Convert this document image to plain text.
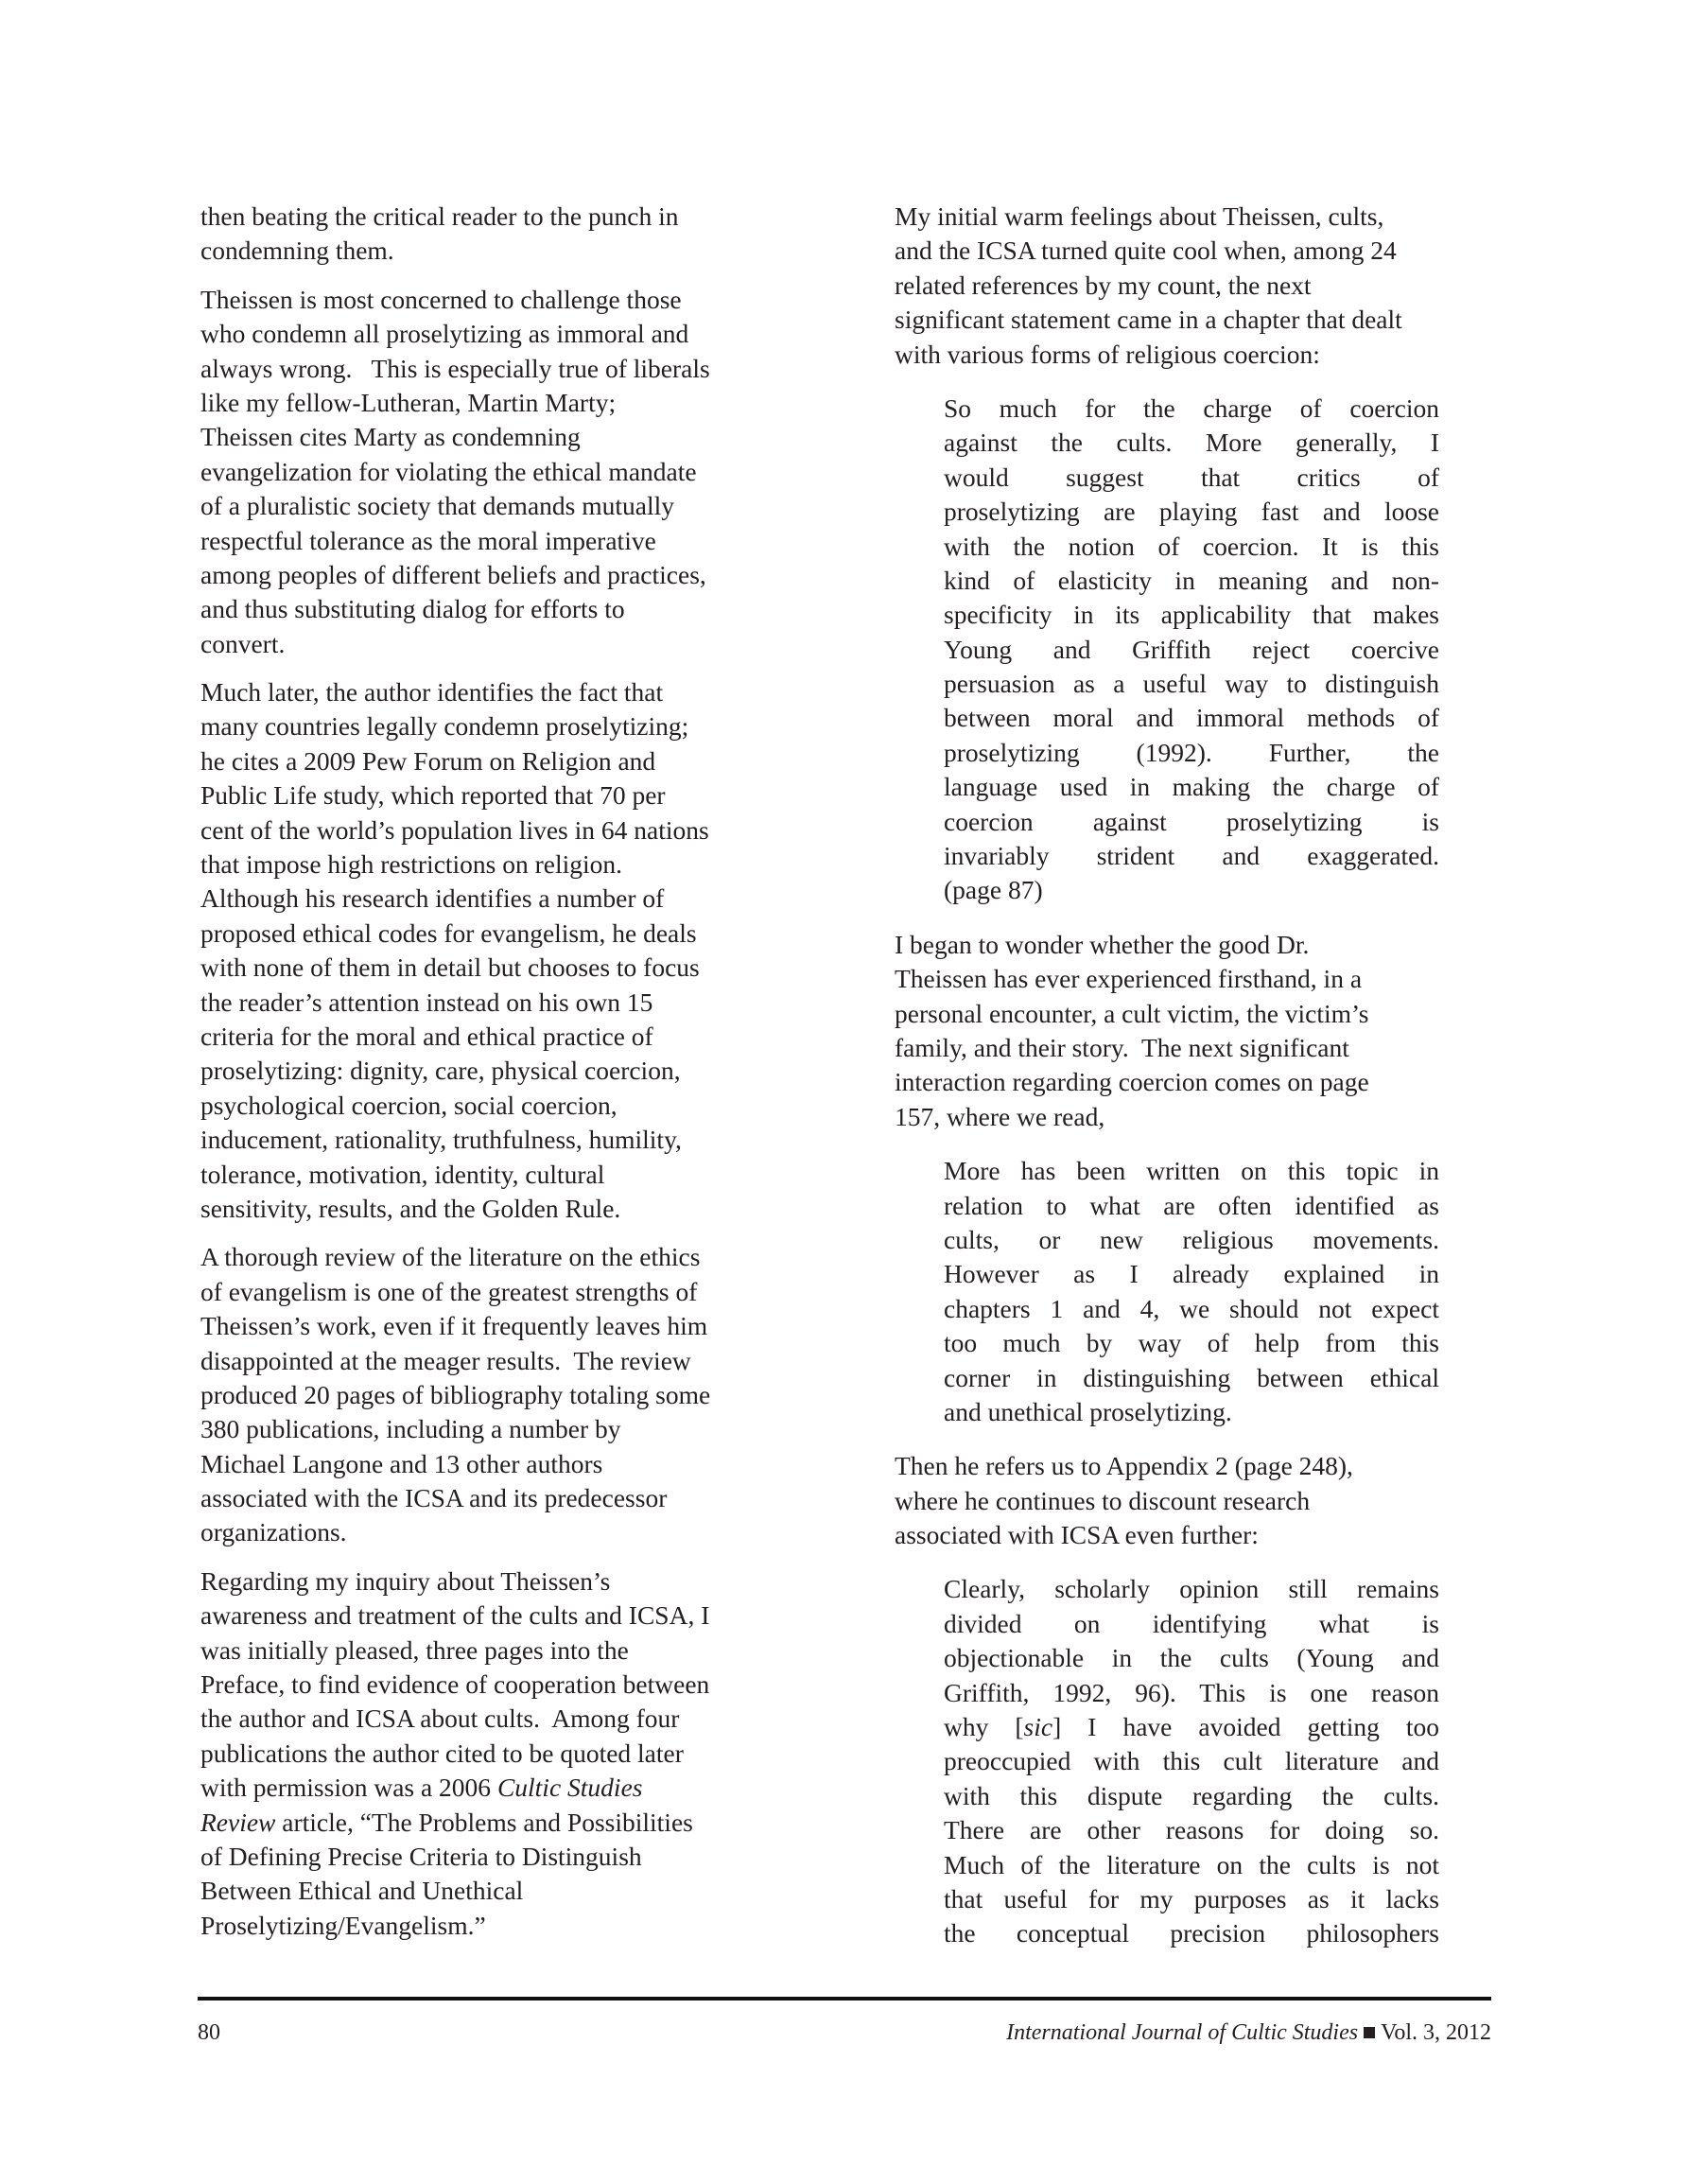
then beating the critical reader to the punch in
condemning them.
Theissen is most concerned to challenge those
who condemn all proselytizing as immoral and
always wrong.   This is especially true of liberals
like my fellow-Lutheran, Martin Marty;
Theissen cites Marty as condemning
evangelization for violating the ethical mandate
of a pluralistic society that demands mutually
respectful tolerance as the moral imperative
among peoples of different beliefs and practices,
and thus substituting dialog for efforts to
convert.
Much later, the author identifies the fact that
many countries legally condemn proselytizing;
he cites a 2009 Pew Forum on Religion and
Public Life study, which reported that 70 per
cent of the world’s population lives in 64 nations
that impose high restrictions on religion.
Although his research identifies a number of
proposed ethical codes for evangelism, he deals
with none of them in detail but chooses to focus
the reader’s attention instead on his own 15
criteria for the moral and ethical practice of
proselytizing: dignity, care, physical coercion,
psychological coercion, social coercion,
inducement, rationality, truthfulness, humility,
tolerance, motivation, identity, cultural
sensitivity, results, and the Golden Rule.
A thorough review of the literature on the ethics
of evangelism is one of the greatest strengths of
Theissen’s work, even if it frequently leaves him
disappointed at the meager results.  The review
produced 20 pages of bibliography totaling some
380 publications, including a number by
Michael Langone and 13 other authors
associated with the ICSA and its predecessor
organizations.
Regarding my inquiry about Theissen’s
awareness and treatment of the cults and ICSA, I
was initially pleased, three pages into the
Preface, to find evidence of cooperation between
the author and ICSA about cults.  Among four
publications the author cited to be quoted later
with permission was a 2006 Cultic Studies
Review article, “The Problems and Possibilities
of Defining Precise Criteria to Distinguish
Between Ethical and Unethical
Proselytizing/Evangelism.”
My initial warm feelings about Theissen, cults,
and the ICSA turned quite cool when, among 24
related references by my count, the next
significant statement came in a chapter that dealt
with various forms of religious coercion:
So much for the charge of coercion
against the cults. More generally, I
would suggest that critics of
proselytizing are playing fast and loose
with the notion of coercion. It is this
kind of elasticity in meaning and non-
specificity in its applicability that makes
Young and Griffith reject coercive
persuasion as a useful way to distinguish
between moral and immoral methods of
proselytizing (1992). Further, the
language used in making the charge of
coercion against proselytizing is
invariably strident and exaggerated.
(page 87)
I began to wonder whether the good Dr.
Theissen has ever experienced firsthand, in a
personal encounter, a cult victim, the victim’s
family, and their story.  The next significant
interaction regarding coercion comes on page
157, where we read,
More has been written on this topic in
relation to what are often identified as
cults, or new religious movements.
However as I already explained in
chapters 1 and 4, we should not expect
too much by way of help from this
corner in distinguishing between ethical
and unethical proselytizing.
Then he refers us to Appendix 2 (page 248),
where he continues to discount research
associated with ICSA even further:
Clearly, scholarly opinion still remains
divided on identifying what is
objectionable in the cults (Young and
Griffith, 1992, 96). This is one reason
why [sic] I have avoided getting too
preoccupied with this cult literature and
with this dispute regarding the cults.
There are other reasons for doing so.
Much of the literature on the cults is not
that useful for my purposes as it lacks
the conceptual precision philosophers
80	International Journal of Cultic Studies Vol. 3, 2012
